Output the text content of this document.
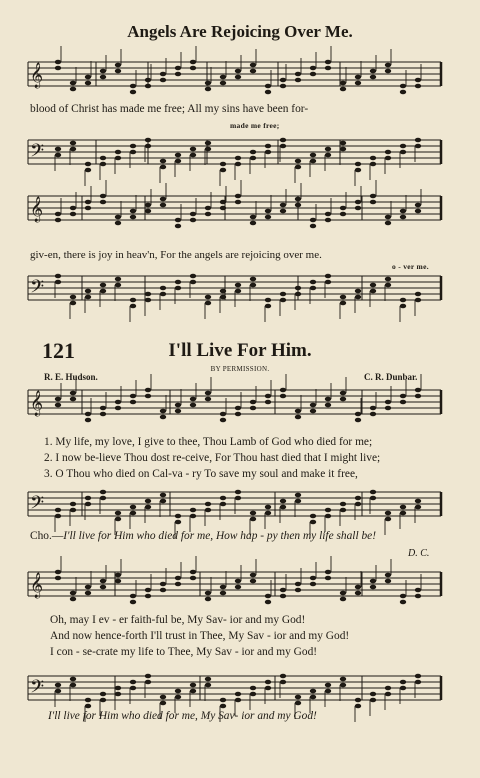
𝄞
𝄢
𝄞
𝄢
𝄞
𝄢
𝄞
𝄢
Angels Are Rejoicing Over Me.
blood of Christ has made me free; All my sins have been for-
made me free;
giv-en, there is joy in heav'n, For the angels are rejoicing over me.
o - ver me.
121	I'll Live For Him.
BY PERMISSION.
R. E. Hudson.	C. R. Dunbar.
1. My life, my love, I give to thee, Thou Lamb of God who died for me;
2. I now be-lieve Thou dost re-ceive, For Thou hast died that I might live;
3. O Thou who died on Cal-va - ry To save my soul and make it free,
Cho.—I'll live for Him who died for me, How hap - py then my life shall be!
D. C.
Oh, may I ev - er faith-ful be, My Sav- ior and my God!
And now hence-forth I'll trust in Thee, My Sav - ior and my God!
I con - se-crate my life to Thee, My Sav - ior and my God!
I'll live for Him who died for me, My Sav- ior and my God!
